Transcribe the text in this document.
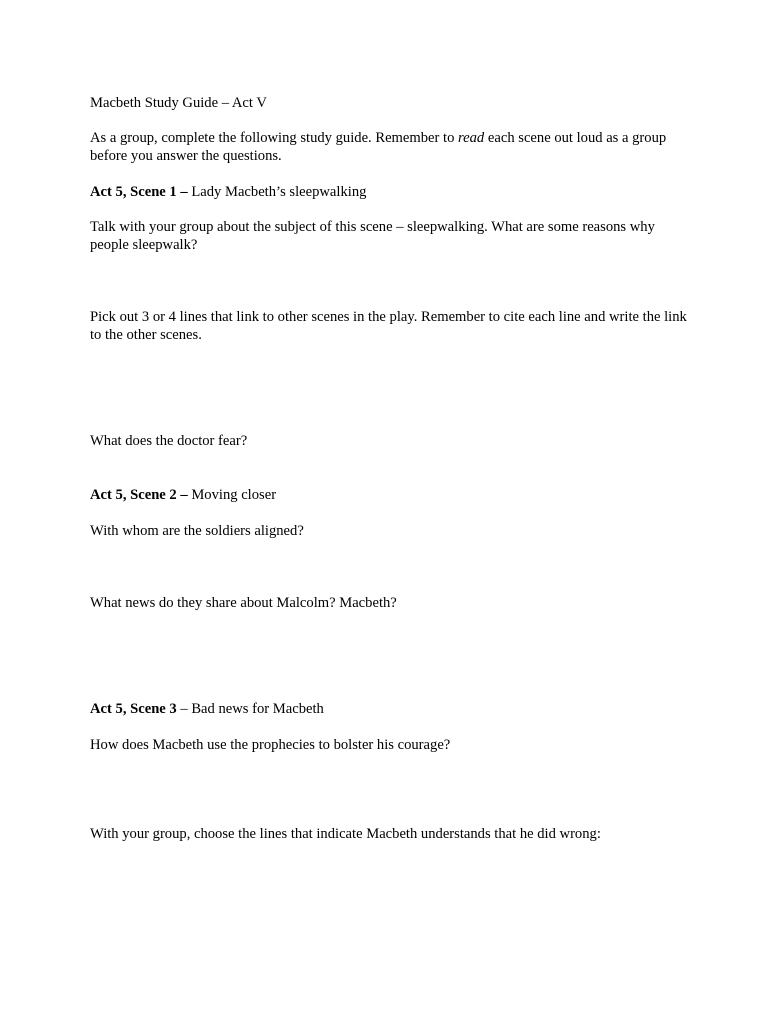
Macbeth Study Guide – Act V
As a group, complete the following study guide. Remember to read each scene out loud as a group before you answer the questions.
Act 5, Scene 1 – Lady Macbeth’s sleepwalking
Talk with your group about the subject of this scene – sleepwalking. What are some reasons why people sleepwalk?
Pick out 3 or 4 lines that link to other scenes in the play. Remember to cite each line and write the link to the other scenes.
What does the doctor fear?
Act 5, Scene 2 – Moving closer
With whom are the soldiers aligned?
What news do they share about Malcolm? Macbeth?
Act 5, Scene 3 – Bad news for Macbeth
How does Macbeth use the prophecies to bolster his courage?
With your group, choose the lines that indicate Macbeth understands that he did wrong:
